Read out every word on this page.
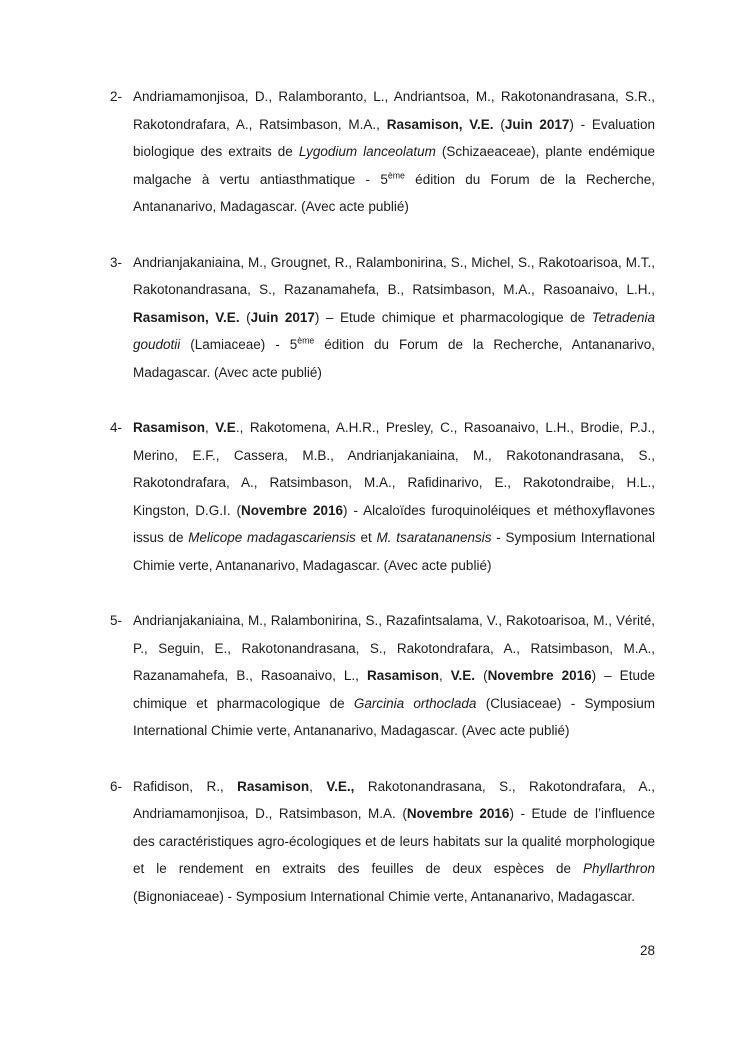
2- Andriamamonjisoa, D., Ralamboranto, L., Andriantsoa, M., Rakotonandrasana, S.R., Rakotondrafara, A., Ratsimbason, M.A., Rasamison, V.E. (Juin 2017) - Evaluation biologique des extraits de Lygodium lanceolatum (Schizaeaceae), plante endémique malgache à vertu antiasthmatique - 5ème édition du Forum de la Recherche, Antananarivo, Madagascar. (Avec acte publié)
3- Andrianjakaniaina, M., Grougnet, R., Ralambonirina, S., Michel, S., Rakotoarisoa, M.T., Rakotonandrasana, S., Razanamahefa, B., Ratsimbason, M.A., Rasoanaivo, L.H., Rasamison, V.E. (Juin 2017) – Etude chimique et pharmacologique de Tetradenia goudotii (Lamiaceae) - 5ème édition du Forum de la Recherche, Antananarivo, Madagascar. (Avec acte publié)
4- Rasamison, V.E., Rakotomena, A.H.R., Presley, C., Rasoanaivo, L.H., Brodie, P.J., Merino, E.F., Cassera, M.B., Andrianjakaniaina, M., Rakotonandrasana, S., Rakotondrafara, A., Ratsimbason, M.A., Rafidinarivo, E., Rakotondraibe, H.L., Kingston, D.G.I. (Novembre 2016) - Alcaloïdes furoquinoléiques et méthoxyflavones issus de Melicope madagascariensis et M. tsaratananensis - Symposium International Chimie verte, Antananarivo, Madagascar. (Avec acte publié)
5- Andrianjakaniaina, M., Ralambonirina, S., Razafintsalama, V., Rakotoarisoa, M., Vérité, P., Seguin, E., Rakotonandrasana, S., Rakotondrafara, A., Ratsimbason, M.A., Razanamahefa, B., Rasoanaivo, L., Rasamison, V.E. (Novembre 2016) – Etude chimique et pharmacologique de Garcinia orthoclada (Clusiaceae) - Symposium International Chimie verte, Antananarivo, Madagascar. (Avec acte publié)
6- Rafidison, R., Rasamison, V.E., Rakotonandrasana, S., Rakotondrafara, A., Andriamamonjisoa, D., Ratsimbason, M.A. (Novembre 2016) - Etude de l’influence des caractéristiques agro-écologiques et de leurs habitats sur la qualité morphologique et le rendement en extraits des feuilles de deux espèces de Phyllarthron (Bignoniaceae) - Symposium International Chimie verte, Antananarivo, Madagascar.
28
